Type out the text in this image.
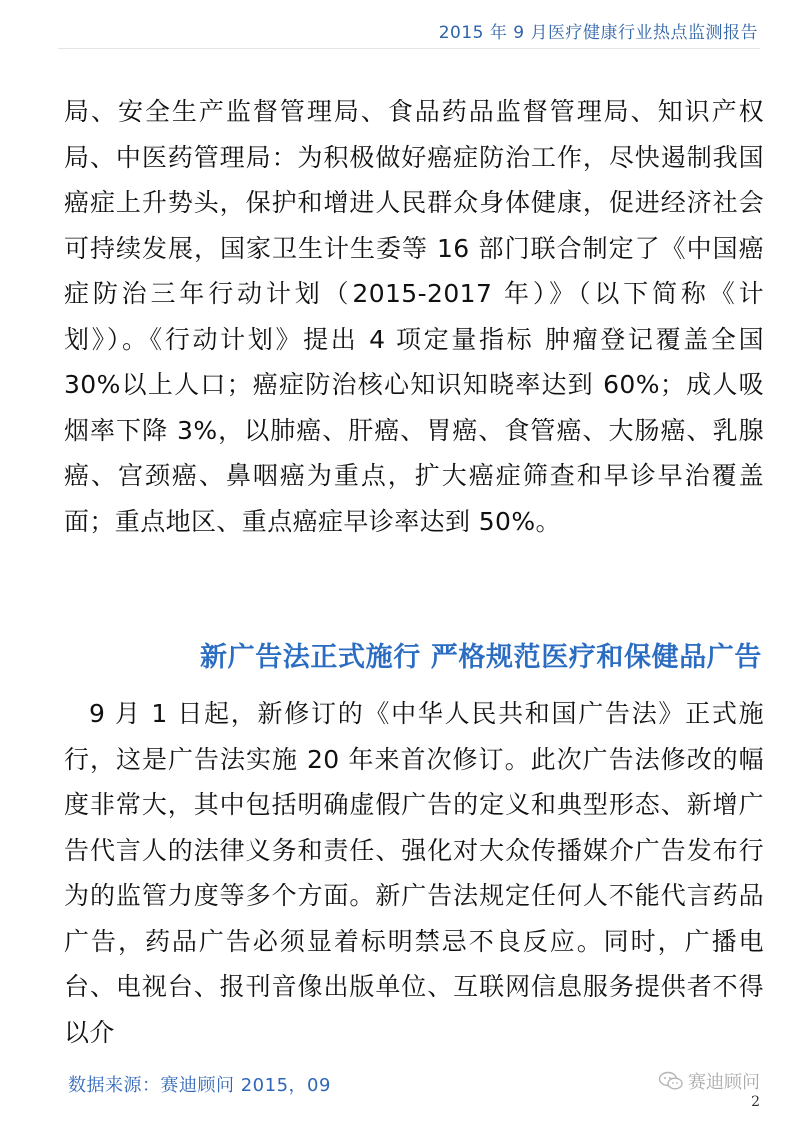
2015 年 9 月医疗健康行业热点监测报告

局、安全生产监督管理局、食品药品监督管理局、知识产权局、中医药管理局：为积极做好癌症防治工作，尽快遏制我国癌症上升势头，保护和增进人民群众身体健康，促进经济社会可持续发展，国家卫生计生委等 16 部门联合制定了《中国癌症防治三年行动计划（2015-2017 年）》（以下简称《计划》）。《行动计划》提出 4 项定量指标 肿瘤登记覆盖全国 30%以上人口；癌症防治核心知识知晓率达到 60%；成人吸烟率下降 3%，以肺癌、肝癌、胃癌、食管癌、大肠癌、乳腺癌、宫颈癌、鼻咽癌为重点，扩大癌症筛查和早诊早治覆盖面；重点地区、重点癌症早诊率达到 50%。

新广告法正式施行 严格规范医疗和保健品广告

9 月 1 日起，新修订的《中华人民共和国广告法》正式施行，这是广告法实施 20 年来首次修订。此次广告法修改的幅度非常大，其中包括明确虚假广告的定义和典型形态、新增广告代言人的法律义务和责任、强化对大众传播媒介广告发布行为的监管力度等多个方面。新广告法规定任何人不能代言药品广告，药品广告必须显着标明禁忌不良反应。同时，广播电台、电视台、报刊音像出版单位、互联网信息服务提供者不得以介

数据来源：赛迪顾问 2015，09	赛迪顾问
2
